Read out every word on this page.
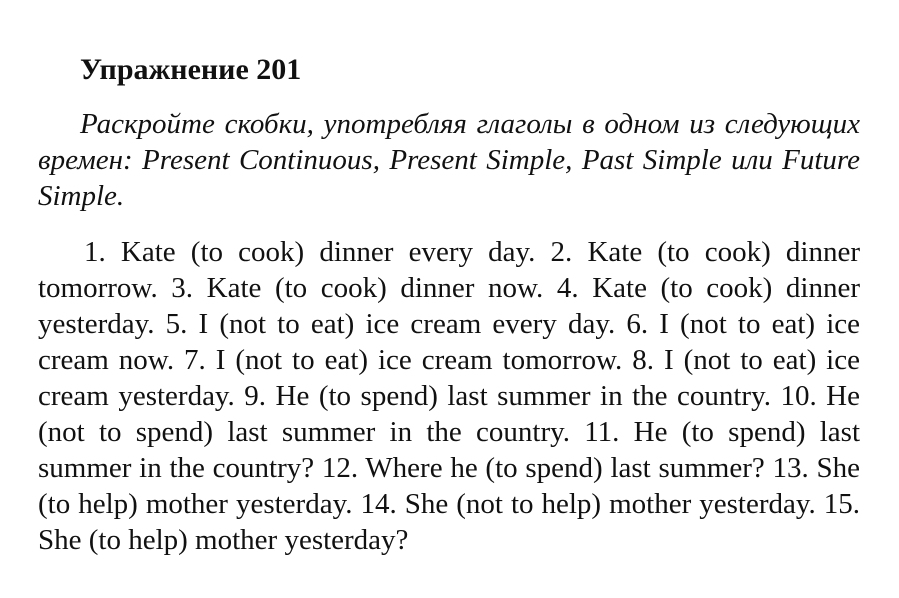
Упражнение 201

Раскройте скобки, употребляя глаголы в одном из следующих времен: Present Continuous, Present Simple, Past Simple или Future Simple.

1. Kate (to cook) dinner every day. 2. Kate (to cook) dinner tomorrow. 3. Kate (to cook) dinner now. 4. Kate (to cook) dinner yesterday. 5. I (not to eat) ice cream every day. 6. I (not to eat) ice cream now. 7. I (not to eat) ice cream tomorrow. 8. I (not to eat) ice cream yesterday. 9. He (to spend) last summer in the country. 10. He (not to spend) last summer in the country. 11. He (to spend) last summer in the country? 12. Where he (to spend) last summer? 13. She (to help) mother yesterday. 14. She (not to help) mother yesterday. 15. She (to help) mother yesterday?
